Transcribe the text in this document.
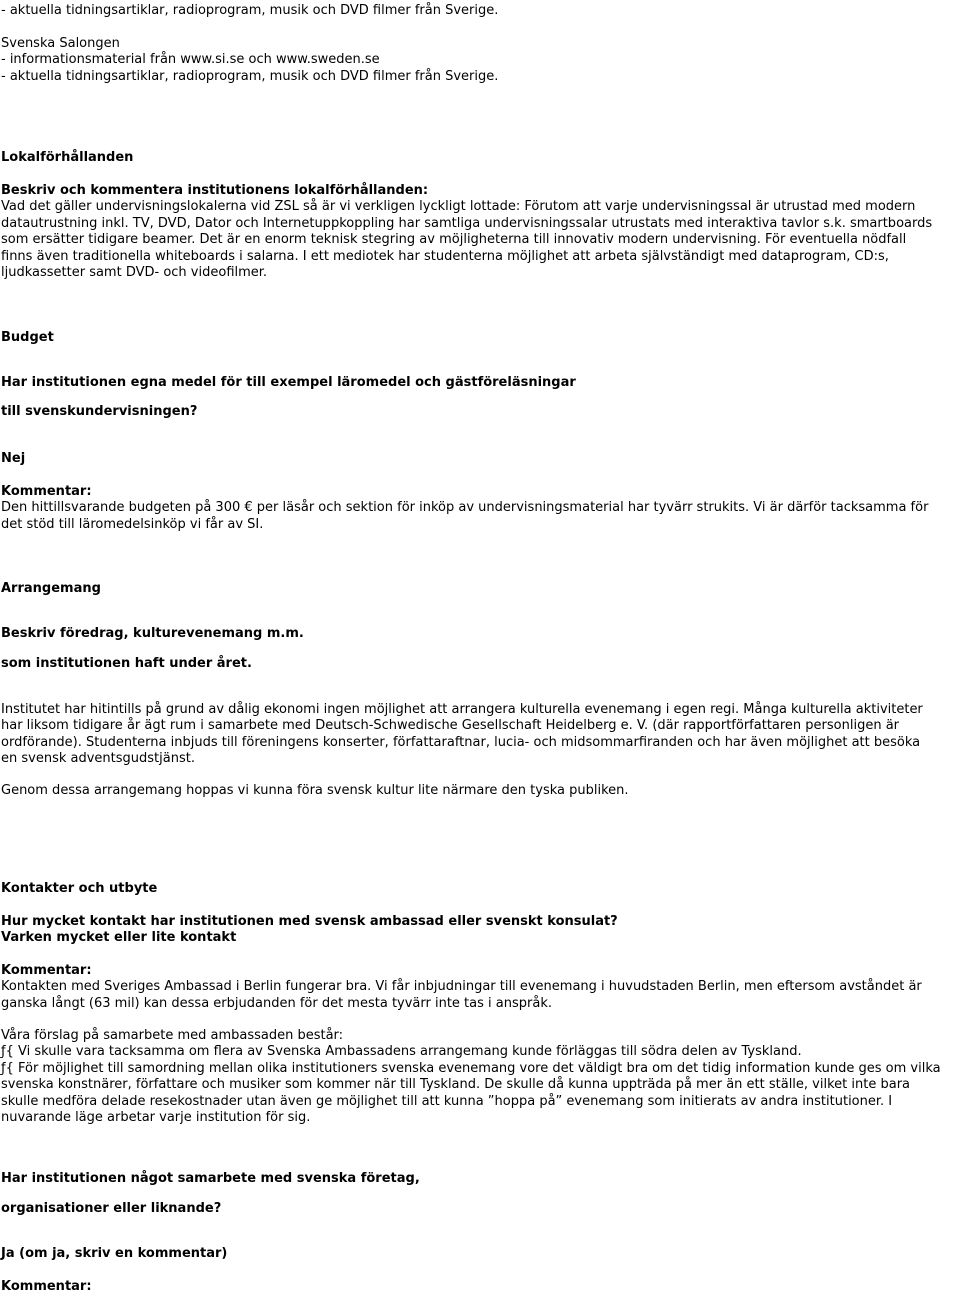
- aktuella tidningsartiklar, radioprogram, musik och DVD filmer från Sverige.

Svenska Salongen
- informationsmaterial från www.si.se och www.sweden.se
- aktuella tidningsartiklar, radioprogram, musik och DVD filmer från Sverige.

Lokalförhållanden

Beskriv och kommentera institutionens lokalförhållanden:
Vad det gäller undervisningslokalerna vid ZSL så är vi verkligen lyckligt lottade: Förutom att varje undervisningssal är utrustad med modern
datautrustning inkl. TV, DVD, Dator och Internetuppkoppling har samtliga undervisningssalar utrustats med interaktiva tavlor s.k. smartboards
som ersätter tidigare beamer. Det är en enorm teknisk stegring av möjligheterna till innovativ modern undervisning. För eventuella nödfall
finns även traditionella whiteboards i salarna. I ett mediotek har studenterna möjlighet att arbeta självständigt med dataprogram, CD:s,
ljudkassetter samt DVD- och videofilmer.

Budget

Har institutionen egna medel för till exempel läromedel och gästföreläsningar

till svenskundervisningen?

Nej

Kommentar:
Den hittillsvarande budgeten på 300 € per läsår och sektion för inköp av undervisningsmaterial har tyvärr strukits. Vi är därför tacksamma för
det stöd till läromedelsinköp vi får av SI.

Arrangemang

Beskriv föredrag, kulturevenemang m.m.

som institutionen haft under året.

Institutet har hitintills på grund av dålig ekonomi ingen möjlighet att arrangera kulturella evenemang i egen regi. Många kulturella aktiviteter
har liksom tidigare år ägt rum i samarbete med Deutsch-Schwedische Gesellschaft Heidelberg e. V. (där rapportförfattaren personligen är
ordförande). Studenterna inbjuds till föreningens konserter, författaraftnar, lucia- och midsommarfiranden och har även möjlighet att besöka
en svensk adventsgudstjänst.

Genom dessa arrangemang hoppas vi kunna föra svensk kultur lite närmare den tyska publiken.

Kontakter och utbyte

Hur mycket kontakt har institutionen med svensk ambassad eller svenskt konsulat?
Varken mycket eller lite kontakt
Kommentar:
Kontakten med Sveriges Ambassad i Berlin fungerar bra. Vi får inbjudningar till evenemang i huvudstaden Berlin, men eftersom avståndet är
ganska långt (63 mil) kan dessa erbjudanden för det mesta tyvärr inte tas i anspråk.
Våra förslag på samarbete med ambassaden består:
ƒ{ Vi skulle vara tacksamma om flera av Svenska Ambassadens arrangemang kunde förläggas till södra delen av Tyskland.
ƒ{ För möjlighet till samordning mellan olika institutioners svenska evenemang vore det väldigt bra om det tidig information kunde ges om vilka
svenska konstnärer, författare och musiker som kommer när till Tyskland. De skulle då kunna uppträda på mer än ett ställe, vilket inte bara
skulle medföra delade resekostnader utan även ge möjlighet till att kunna ”hoppa på” evenemang som initierats av andra institutioner. I
nuvarande läge arbetar varje institution för sig.

Har institutionen något samarbete med svenska företag,

organisationer eller liknande?

Ja (om ja, skriv en kommentar)

Kommentar:
